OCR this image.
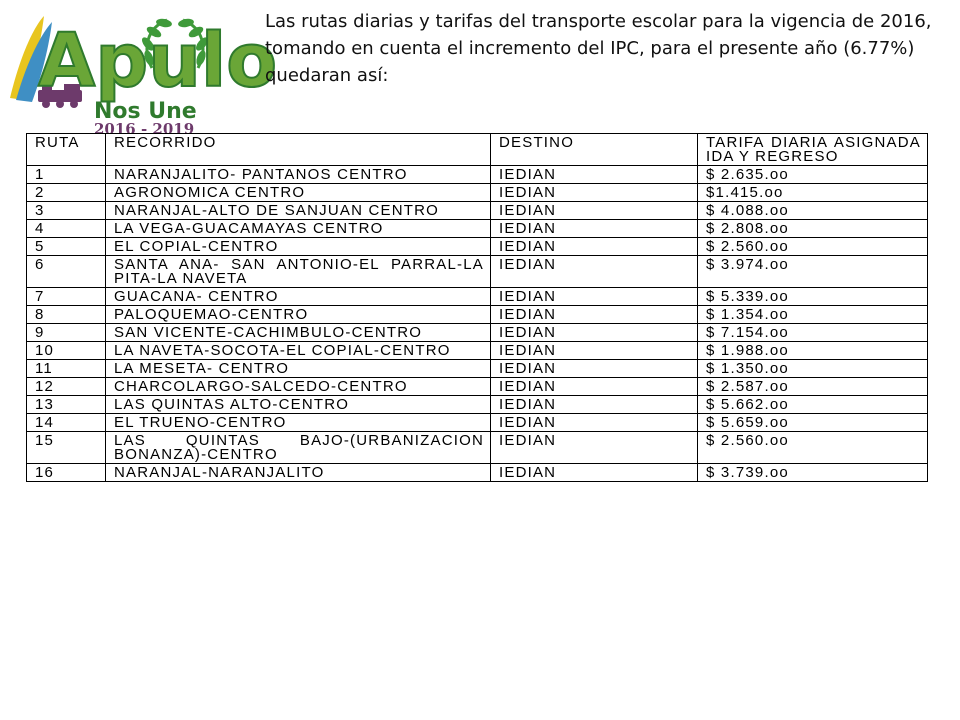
Apulo
Nos Une
2016 - 2019
Las rutas diarias y tarifas del transporte escolar para la vigencia de 2016, tomando en cuenta el incremento del IPC, para el presente año (6.77%) quedaran así:
RUTA	RECORRIDO	DESTINO	TARIFA DIARIA ASIGNADA IDA Y REGRESO
1	NARANJALITO- PANTANOS CENTRO	IEDIAN	$ 2.635.oo
2	AGRONOMICA CENTRO	IEDIAN	$1.415.oo
3	NARANJAL-ALTO DE SANJUAN CENTRO	IEDIAN	$ 4.088.oo
4	LA VEGA-GUACAMAYAS CENTRO	IEDIAN	$ 2.808.oo
5	EL COPIAL-CENTRO	IEDIAN	$ 2.560.oo
6	SANTA ANA- SAN ANTONIO-EL PARRAL-LA PITA-LA NAVETA	IEDIAN	$ 3.974.oo
7	GUACANA- CENTRO	IEDIAN	$ 5.339.oo
8	PALOQUEMAO-CENTRO	IEDIAN	$ 1.354.oo
9	SAN VICENTE-CACHIMBULO-CENTRO	IEDIAN	$ 7.154.oo
10	LA NAVETA-SOCOTA-EL COPIAL-CENTRO	IEDIAN	$ 1.988.oo
11	LA MESETA- CENTRO	IEDIAN	$ 1.350.oo
12	CHARCOLARGO-SALCEDO-CENTRO	IEDIAN	$ 2.587.oo
13	LAS QUINTAS ALTO-CENTRO	IEDIAN	$ 5.662.oo
14	EL TRUENO-CENTRO	IEDIAN	$ 5.659.oo
15	LAS QUINTAS BAJO-(URBANIZACION BONANZA)-CENTRO	IEDIAN	$ 2.560.oo
16	NARANJAL-NARANJALITO	IEDIAN	$ 3.739.oo
